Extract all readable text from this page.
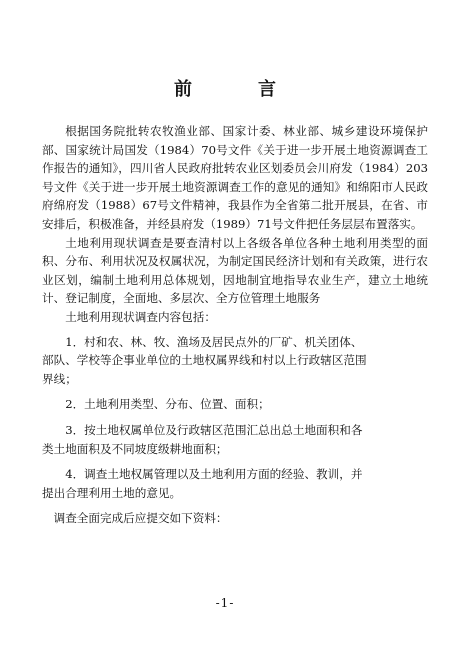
前　言

根据国务院批转农牧渔业部、国家计委、林业部、城乡建设环境保护部、国家统计局国发（1984）70号文件《关于进一步开展土地资源调查工作报告的通知》，四川省人民政府批转农业区划委员会川府发（1984）203号文件《关于进一步开展土地资源调查工作的意见的通知》和绵阳市人民政府绵府发（1988）67号文件精神，我县作为全省第二批开展县，在省、市安排后，积极准备，并经县府发（1989）71号文件把任务层层布置落实。

土地利用现状调查是要查清村以上各级各单位各种土地利用类型的面积、分布、利用状况及权属状况，为制定国民经济计划和有关政策，进行农业区划，编制土地利用总体规划，因地制宜地指导农业生产，建立土地统计、登记制度，全面地、多层次、全方位管理土地服务

土地利用现状调查内容包括：

1．村和农、林、牧、渔场及居民点外的厂矿、机关团体、
部队、学校等企事业单位的土地权属界线和村以上行政辖区范围
界线；
2．土地利用类型、分布、位置、面积；
3．按土地权属单位及行政辖区范围汇总出总土地面积和各
类土地面积及不同坡度级耕地面积；
4．调查土地权属管理以及土地利用方面的经验、教训，并
提出合理利用土地的意见。

调查全面完成后应提交如下资料：

-1-
